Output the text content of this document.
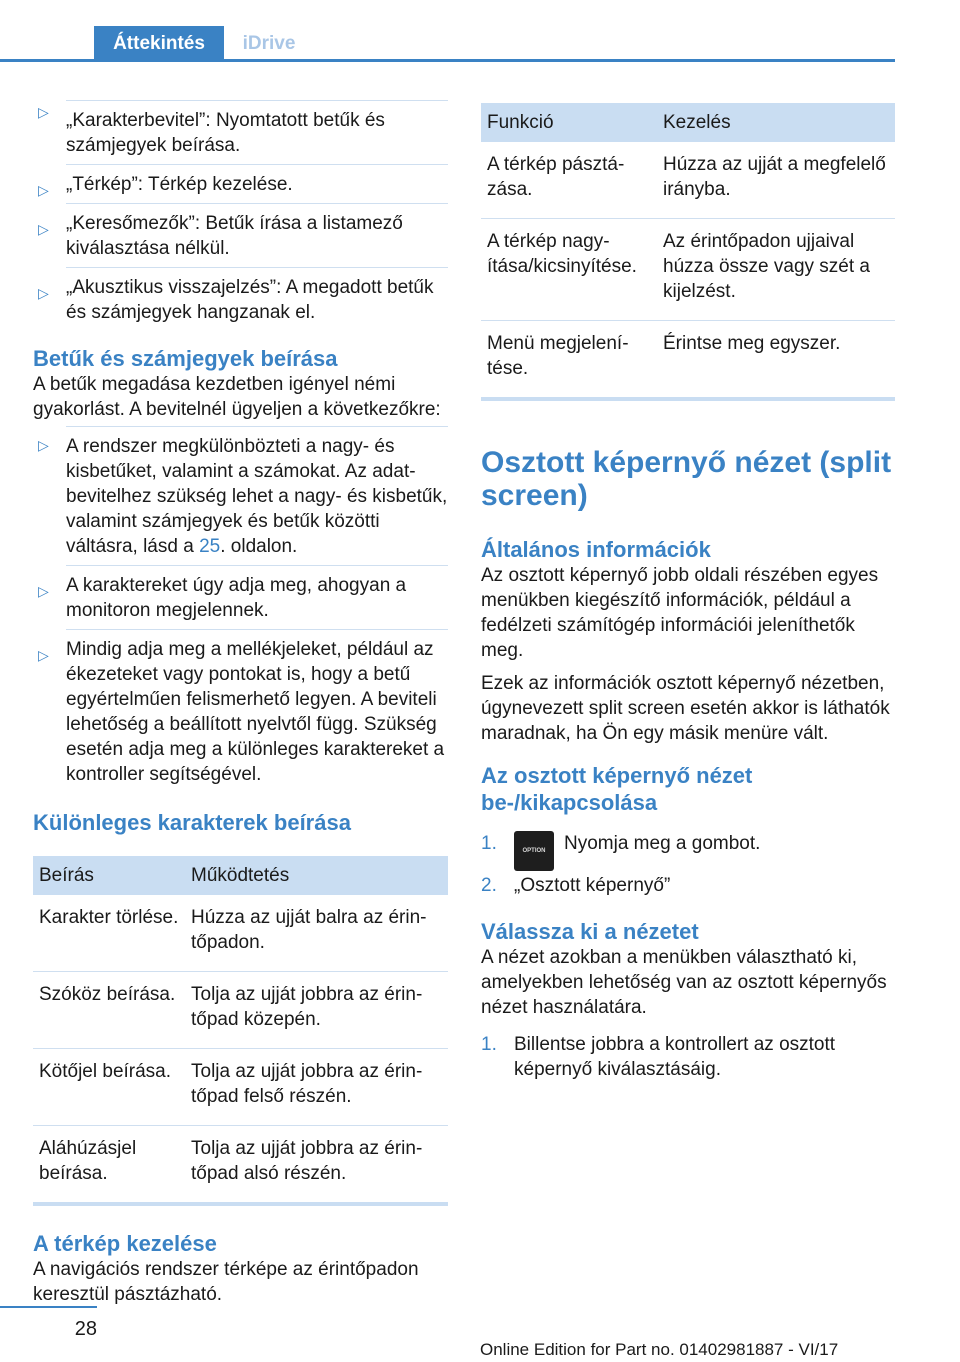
Áttekintés	iDrive
▷ „Karakterbevitel”: Nyomtatott betűk és számjegyek beírása.
▷ „Térkép”: Térkép kezelése.
▷ „Keresőmezők”: Betűk írása a listamező kiválasztása nélkül.
▷ „Akusztikus visszajelzés”: A megadott betűk és számjegyek hangzanak el.
Betűk és számjegyek beírása

A betűk megadása kezdetben igényel némi gyakorlást. A bevitelnél ügyeljen a következőkre:

▷ A rendszer megkülönbözteti a nagy- és kisbetűket, valamint a számokat. Az adatbevitelhez szükség lehet a nagy- és kisbetűk, valamint számjegyek és betűk közötti váltásra, lásd a 25. oldalon.
▷ A karaktereket úgy adja meg, ahogyan a monitoron megjelennek.
▷ Mindig adja meg a mellékjeleket, például az ékezeteket vagy pontokat is, hogy a betű egyértelműen felismerhető legyen. A beviteli lehetőség a beállított nyelvtől függ. Szükség esetén adja meg a különleges karaktereket a kontroller segítségével.
Különleges karakterek beírása
Beírás	Működtetés
Karakter törlése.	Húzza az ujját balra az érintőpadon.
Szóköz beírása.	Tolja az ujját jobbra az érintőpad közepén.
Kötőjel beírása.	Tolja az ujját jobbra az érintőpad felső részén.
Aláhúzásjel beírása.	Tolja az ujját jobbra az érintőpad alsó részén.
A térkép kezelése

A navigációs rendszer térképe az érintőpadon keresztül pásztázható.

Funkció	Kezelés
A térkép pásztázása.	Húzza az ujját a megfelelő irányba.
A térkép nagyítása/kicsinyítése.	Az érintőpadon ujjaival húzza össze vagy szét a kijelzést.
Menü megjelenítése.	Érintse meg egyszer.
Osztott képernyő nézet (split screen)
Általános információk

Az osztott képernyő jobb oldali részében egyes menükben kiegészítő információk, például a fedélzeti számítógép információi jeleníthetők meg.

Ezek az információk osztott képernyő nézetben, úgynevezett split screen esetén akkor is láthatók maradnak, ha Ön egy másik menüre vált.

Az osztott képernyő nézet be-/kikapcsolása
1.	OPTION Nyomja meg a gombot.
2. „Osztott képernyő”
Válassza ki a nézetet

A nézet azokban a menükben választható ki, amelyekben lehetőség van az osztott képernyős nézet használatára.

1. Billentse jobbra a kontrollert az osztott képernyő kiválasztásáig.
28
Online Edition for Part no. 01402981887 - VI/17
